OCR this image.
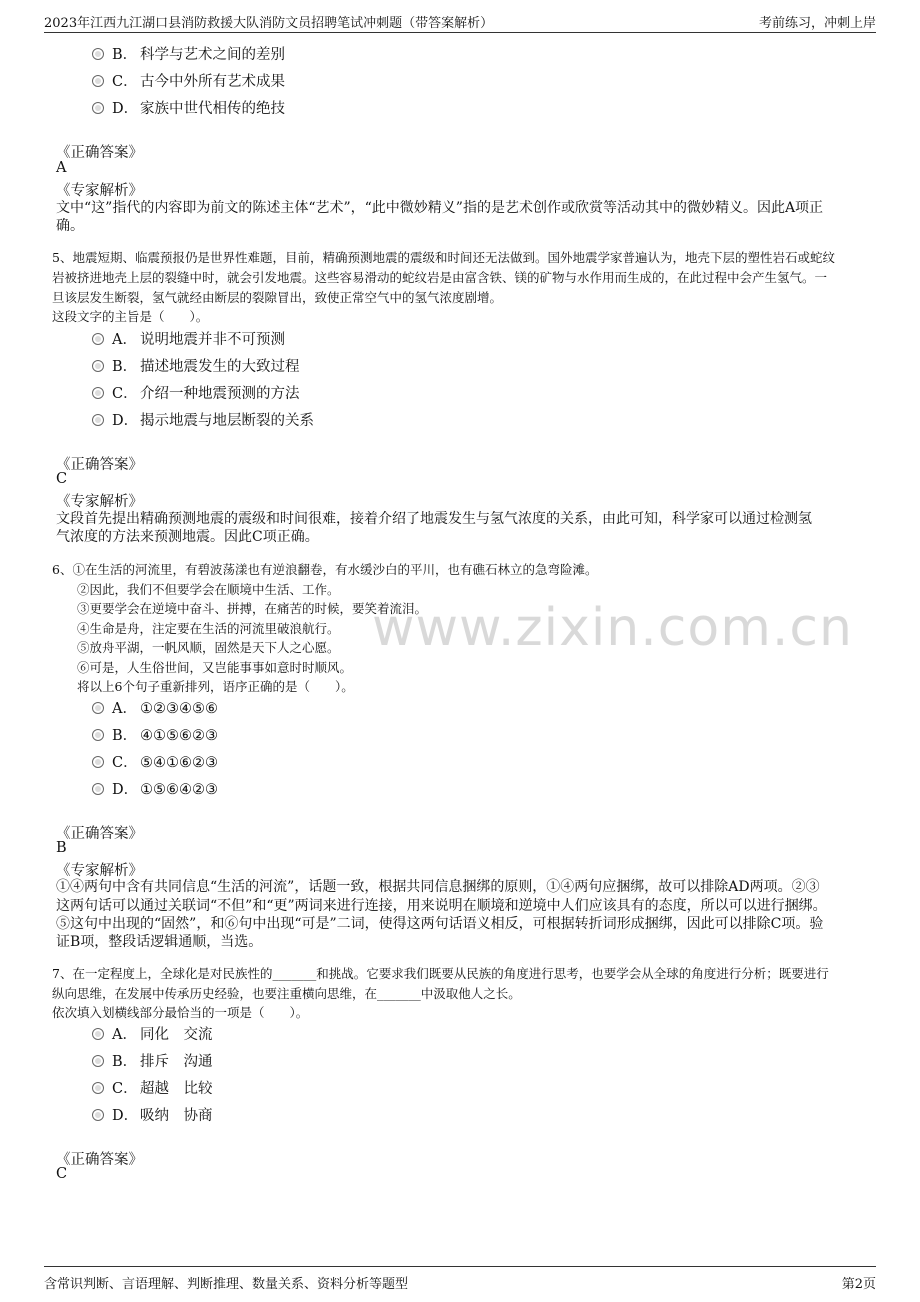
2023年江西九江湖口县消防救援大队消防文员招聘笔试冲刺题（带答案解析）	考前练习，冲刺上岸
www.zixin.com.cn
B． 科学与艺术之间的差别
C． 古今中外所有艺术成果
D． 家族中世代相传的绝技
《正确答案》
A
《专家解析》
文中“这”指代的内容即为前文的陈述主体“艺术”，“此中微妙精义”指的是艺术创作或欣赏等活动其中的微妙精义。因此A项正
确。
5、地震短期、临震预报仍是世界性难题，目前，精确预测地震的震级和时间还无法做到。国外地震学家普遍认为，地壳下层的塑性岩石或蛇纹
岩被挤进地壳上层的裂缝中时，就会引发地震。这些容易滑动的蛇纹岩是由富含铁、镁的矿物与水作用而生成的，在此过程中会产生氢气。一
旦该层发生断裂，氢气就经由断层的裂隙冒出，致使正常空气中的氢气浓度剧增。
这段文字的主旨是（　　）。
A． 说明地震并非不可预测
B． 描述地震发生的大致过程
C． 介绍一种地震预测的方法
D． 揭示地震与地层断裂的关系
《正确答案》
C
《专家解析》
文段首先提出精确预测地震的震级和时间很难，接着介绍了地震发生与氢气浓度的关系，由此可知，科学家可以通过检测氢
气浓度的方法来预测地震。因此C项正确。
6、①在生活的河流里，有碧波荡漾也有逆浪翻卷，有水缓沙白的平川，也有礁石林立的急弯险滩。
②因此，我们不但要学会在顺境中生活、工作。
③更要学会在逆境中奋斗、拼搏，在痛苦的时候，要笑着流泪。
④生命是舟，注定要在生活的河流里破浪航行。
⑤放舟平湖，一帆风顺，固然是天下人之心愿。
⑥可是，人生俗世间，又岂能事事如意时时顺风。
将以上6个句子重新排列，语序正确的是（　　）。
A． ①②③④⑤⑥
B． ④①⑤⑥②③
C． ⑤④①⑥②③
D． ①⑤⑥④②③
《正确答案》
B
《专家解析》
①④两句中含有共同信息“生活的河流”，话题一致，根据共同信息捆绑的原则，①④两句应捆绑，故可以排除AD两项。②③
这两句话可以通过关联词“不但”和“更”两词来进行连接，用来说明在顺境和逆境中人们应该具有的态度，所以可以进行捆绑。
⑤这句中出现的“固然”，和⑥句中出现“可是”二词，使得这两句话语义相反，可根据转折词形成捆绑，因此可以排除C项。验
证B项，整段话逻辑通顺，当选。
7、在一定程度上，全球化是对民族性的_______和挑战。它要求我们既要从民族的角度进行思考，也要学会从全球的角度进行分析；既要进行
纵向思维，在发展中传承历史经验，也要注重横向思维，在_______中汲取他人之长。
依次填入划横线部分最恰当的一项是（　　）。
A． 同化　交流
B． 排斥　沟通
C． 超越　比较
D． 吸纳　协商
《正确答案》
C
含常识判断、言语理解、判断推理、数量关系、资料分析等题型	第2页
